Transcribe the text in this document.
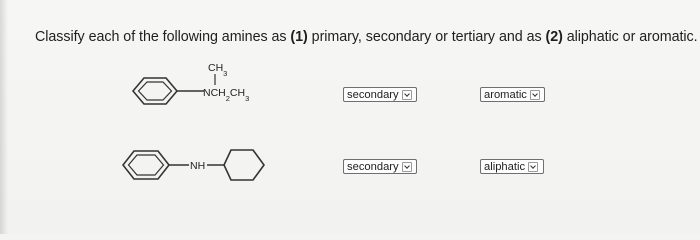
Classify each of the following amines as (1) primary, secondary or tertiary and as (2) aliphatic or aromatic.
$CH_3$
$NCH_2CH_3$
NH
secondary	aromatic
secondary	aliphatic
